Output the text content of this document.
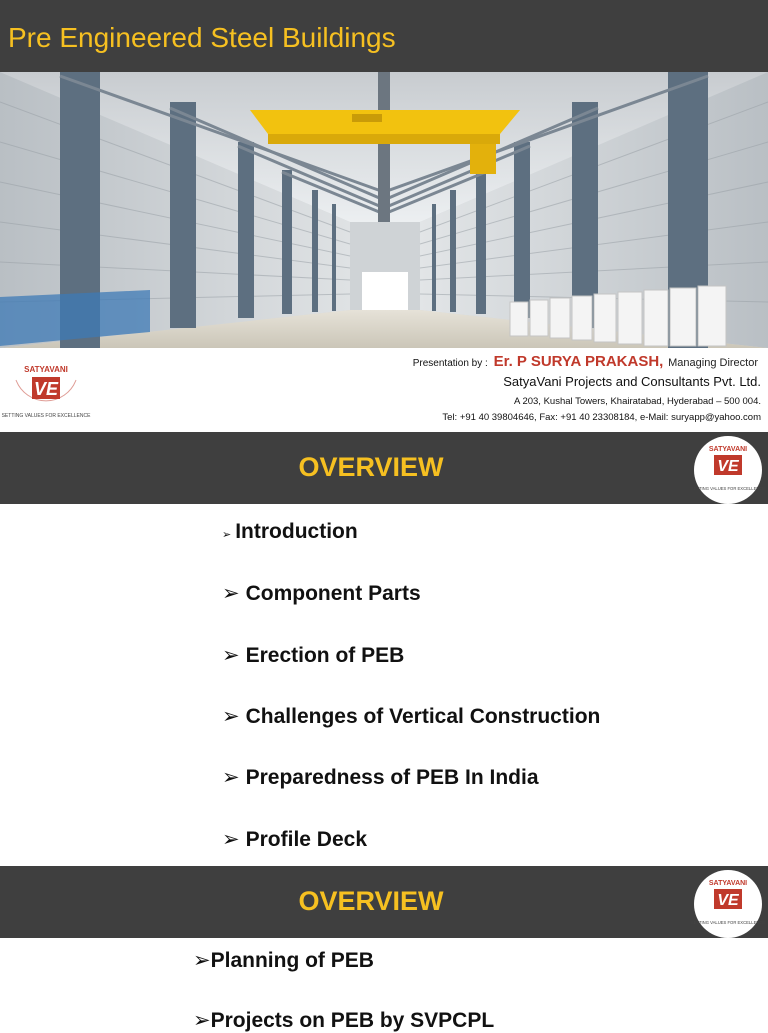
Pre Engineered Steel Buildings
SATYAVANI
VE
SETTING VALUES FOR EXCELLENCE
Presentation by : Er. P SURYA PRAKASH, Managing Director
SatyaVani Projects and Consultants Pvt. Ltd.
A 203, Kushal Towers, Khairatabad, Hyderabad – 500 004.
Tel: +91 40 39804646, Fax: +91 40 23308184, e-Mail: suryapp@yahoo.com
OVERVIEW
SATYAVANI
VE
SETTING VALUES FOR EXCELLENCE
➢ Introduction
➢ Component Parts
➢ Erection of PEB
➢ Challenges of Vertical Construction
➢ Preparedness of PEB In India
➢ Profile Deck
OVERVIEW
SATYAVANI
VE
SETTING VALUES FOR EXCELLENCE
➢Planning of PEB
➢Projects on PEB by SVPCPL
